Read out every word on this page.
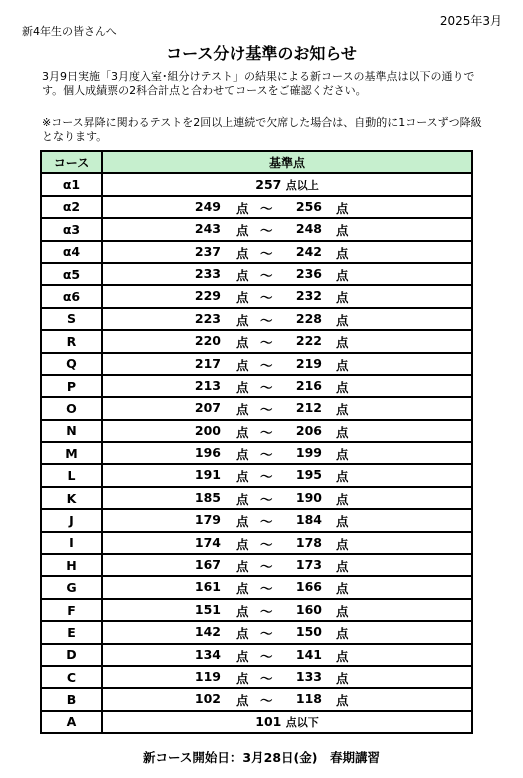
2025年3月
新4年生の皆さんへ
コース分け基準のお知らせ
3月9日実施「3月度入室･組分けテスト」の結果による新コースの基準点は以下の通りです。個人成績票の2科合計点と合わせてコースをご確認ください。
※コース昇降に関わるテストを2回以上連続で欠席した場合は、自動的に1コースずつ降級となります。
コース	基準点
α1	257 点以上
α2	249 点 ～ 256 点

α3	243 点 ～ 248 点

α4	237 点 ～ 242 点

α5	233 点 ～ 236 点

α6	229 点 ～ 232 点

S	223 点 ～ 228 点

R	220 点 ～ 222 点

Q	217 点 ～ 219 点

P	213 点 ～ 216 点

O	207 点 ～ 212 点

N	200 点 ～ 206 点

M	196 点 ～ 199 点

L	191 点 ～ 195 点

K	185 点 ～ 190 点

J	179 点 ～ 184 点

I	174 点 ～ 178 点

H	167 点 ～ 173 点

G	161 点 ～ 166 点

F	151 点 ～ 160 点

E	142 点 ～ 150 点

D	134 点 ～ 141 点

C	119 点 ～ 133 点

B	102 点 ～ 118 点

A	101 点以下
新コース開始日：3月28日(金)　春期講習
